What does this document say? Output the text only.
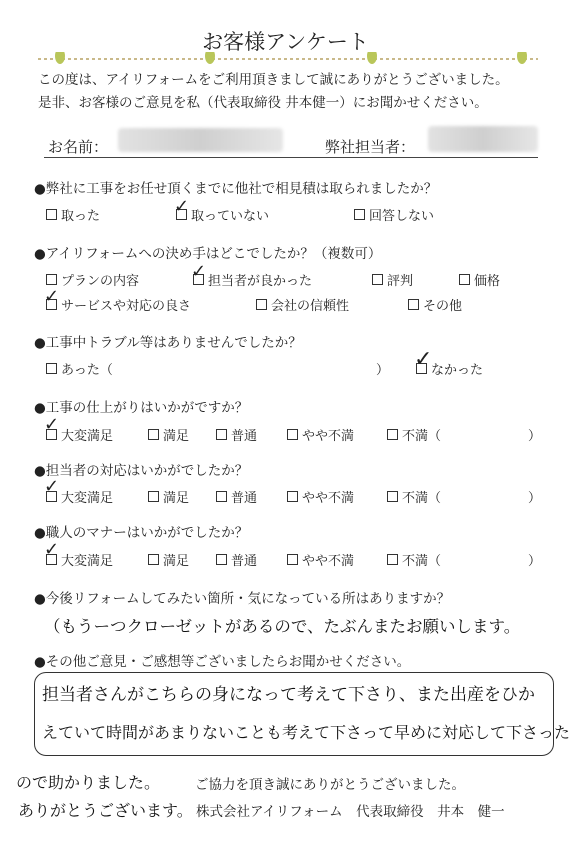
お客様アンケート
この度は、アイリフォームをご利用頂きまして誠にありがとうございました。
是非、お客様のご意見を私（代表取締役 井本健一）にお聞かせください。
お名前：	弊社担当者：
●弊社に工事をお任せ頂くまでに他社で相見積は取られましたか？
取った	取っていない	回答しない
✓
●アイリフォームへの決め手はどこでしたか？（複数可）
プランの内容	担当者が良かった	評判	価格
サービスや対応の良さ	会社の信頼性	その他
✓
✓
●工事中トラブル等はありませんでしたか？
あった（	）	なかった
✓
●工事の仕上がりはいかがですか？
大変満足	満足	普通	やや不満	不満（	）
✓
●担当者の対応はいかがでしたか？
大変満足	満足	普通	やや不満	不満（	）
✓
●職人のマナーはいかがでしたか？
大変満足	満足	普通	やや不満	不満（	）
✓
●今後リフォームしてみたい箇所・気になっている所はありますか？
（もうーつクローゼットがあるので、たぶんまたお願いします。
●その他ご意見・ご感想等ございましたらお聞かせください。
担当者さんがこちらの身になって考えて下さり、また出産をひか
えていて時間があまりないことも考えて下さって早めに対応して下さった
ので助かりました。
ありがとうございます。
ご協力を頂き誠にありがとうございました。
株式会社アイリフォーム　代表取締役　井本　健一
